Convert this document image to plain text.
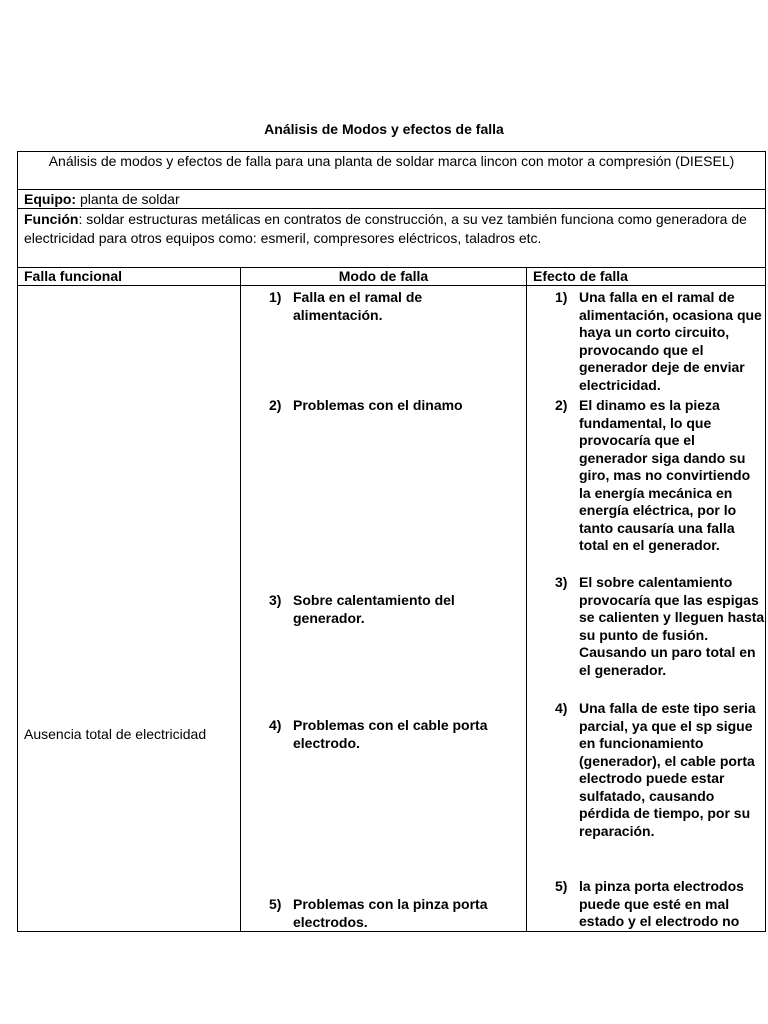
Análisis de Modos y efectos de falla
Análisis de modos y efectos de falla para una planta de soldar marca lincon con motor a compresión (DIESEL)
Equipo: planta de soldar
Función: soldar estructuras metálicas en contratos de construcción, a su vez también funciona como generadora de electricidad para otros equipos como: esmeril, compresores eléctricos, taladros etc.
Falla funcional	Modo de falla	Efecto de falla
Ausencia total de electricidad
1) Falla en el ramal de alimentación.
2) Problemas con el dinamo
3) Sobre calentamiento del generador.
4) Problemas con el cable porta electrodo.
5) Problemas con la pinza porta electrodos.
1) Una falla en el ramal de alimentación, ocasiona que haya un corto circuito, provocando que el generador deje de enviar electricidad.
2) El dinamo es la pieza fundamental, lo que provocaría que el generador siga dando su giro, mas no convirtiendo la energía mecánica en energía eléctrica, por lo tanto causaría una falla total en el generador.
3) El sobre calentamiento provocaría que las espigas se calienten y lleguen hasta su punto de fusión. Causando un paro total en el generador.
4) Una falla de este tipo seria parcial, ya que el sp sigue en funcionamiento (generador), el cable porta electrodo puede estar sulfatado, causando pérdida de tiempo, por su reparación.
5) la pinza porta electrodos puede que esté en mal estado y el electrodo no
